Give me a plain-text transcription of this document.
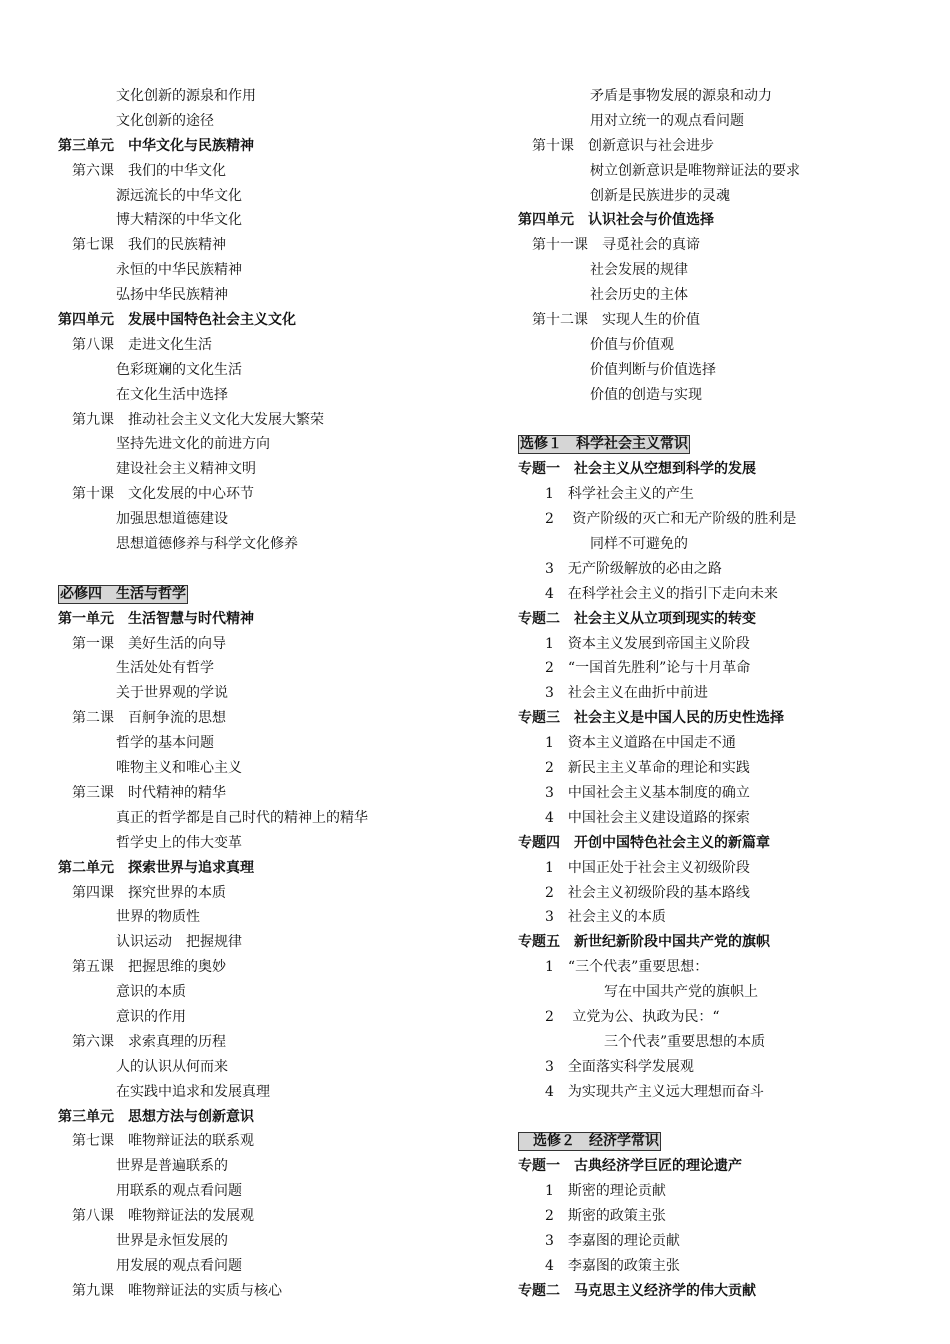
文化创新的源泉和作用
文化创新的途径
第三单元　中华文化与民族精神
第六课　我们的中华文化
源远流长的中华文化
博大精深的中华文化
第七课　我们的民族精神
永恒的中华民族精神
弘扬中华民族精神
第四单元　发展中国特色社会主义文化
第八课　走进文化生活
色彩斑斓的文化生活
在文化生活中选择
第九课　推动社会主义文化大发展大繁荣
坚持先进文化的前进方向
建设社会主义精神文明
第十课　文化发展的中心环节
加强思想道德建设
思想道德修养与科学文化修养
必修四　生活与哲学
第一单元　生活智慧与时代精神
第一课　美好生活的向导
生活处处有哲学
关于世界观的学说
第二课　百舸争流的思想
哲学的基本问题
唯物主义和唯心主义
第三课　时代精神的精华
真正的哲学都是自己时代的精神上的精华
哲学史上的伟大变革
第二单元　探索世界与追求真理
第四课　探究世界的本质
世界的物质性
认识运动　把握规律
第五课　把握思维的奥妙
意识的本质
意识的作用
第六课　求索真理的历程
人的认识从何而来
在实践中追求和发展真理
第三单元　思想方法与创新意识
第七课　唯物辩证法的联系观
世界是普遍联系的
用联系的观点看问题
第八课　唯物辩证法的发展观
世界是永恒发展的
用发展的观点看问题
第九课　唯物辩证法的实质与核心
矛盾是事物发展的源泉和动力
用对立统一的观点看问题
第十课　创新意识与社会进步
树立创新意识是唯物辩证法的要求
创新是民族进步的灵魂
第四单元　认识社会与价值选择
第十一课　寻觅社会的真谛
社会发展的规律
社会历史的主体
第十二课　实现人生的价值
价值与价值观
价值判断与价值选择
价值的创造与实现
选修１　科学社会主义常识
专题一　社会主义从空想到科学的发展
1　科学社会主义的产生
2　 资产阶级的灭亡和无产阶级的胜利是
同样不可避免的
3　无产阶级解放的必由之路
4　在科学社会主义的指引下走向未来
专题二　社会主义从立项到现实的转变
1　资本主义发展到帝国主义阶段
2　“一国首先胜利”论与十月革命
3　社会主义在曲折中前进
专题三　社会主义是中国人民的历史性选择
1　资本主义道路在中国走不通
2　新民主主义革命的理论和实践
3　中国社会主义基本制度的确立
4　中国社会主义建设道路的探索
专题四　开创中国特色社会主义的新篇章
1　中国正处于社会主义初级阶段
2　社会主义初级阶段的基本路线
3　社会主义的本质
专题五　新世纪新阶段中国共产党的旗帜
1　“三个代表”重要思想：
写在中国共产党的旗帜上
2　 立党为公、执政为民：“
三个代表”重要思想的本质
3　全面落实科学发展观
4　为实现共产主义远大理想而奋斗
选修２　经济学常识
专题一　古典经济学巨匠的理论遗产
1　斯密的理论贡献
2　斯密的政策主张
3　李嘉图的理论贡献
4　李嘉图的政策主张
专题二　马克思主义经济学的伟大贡献
